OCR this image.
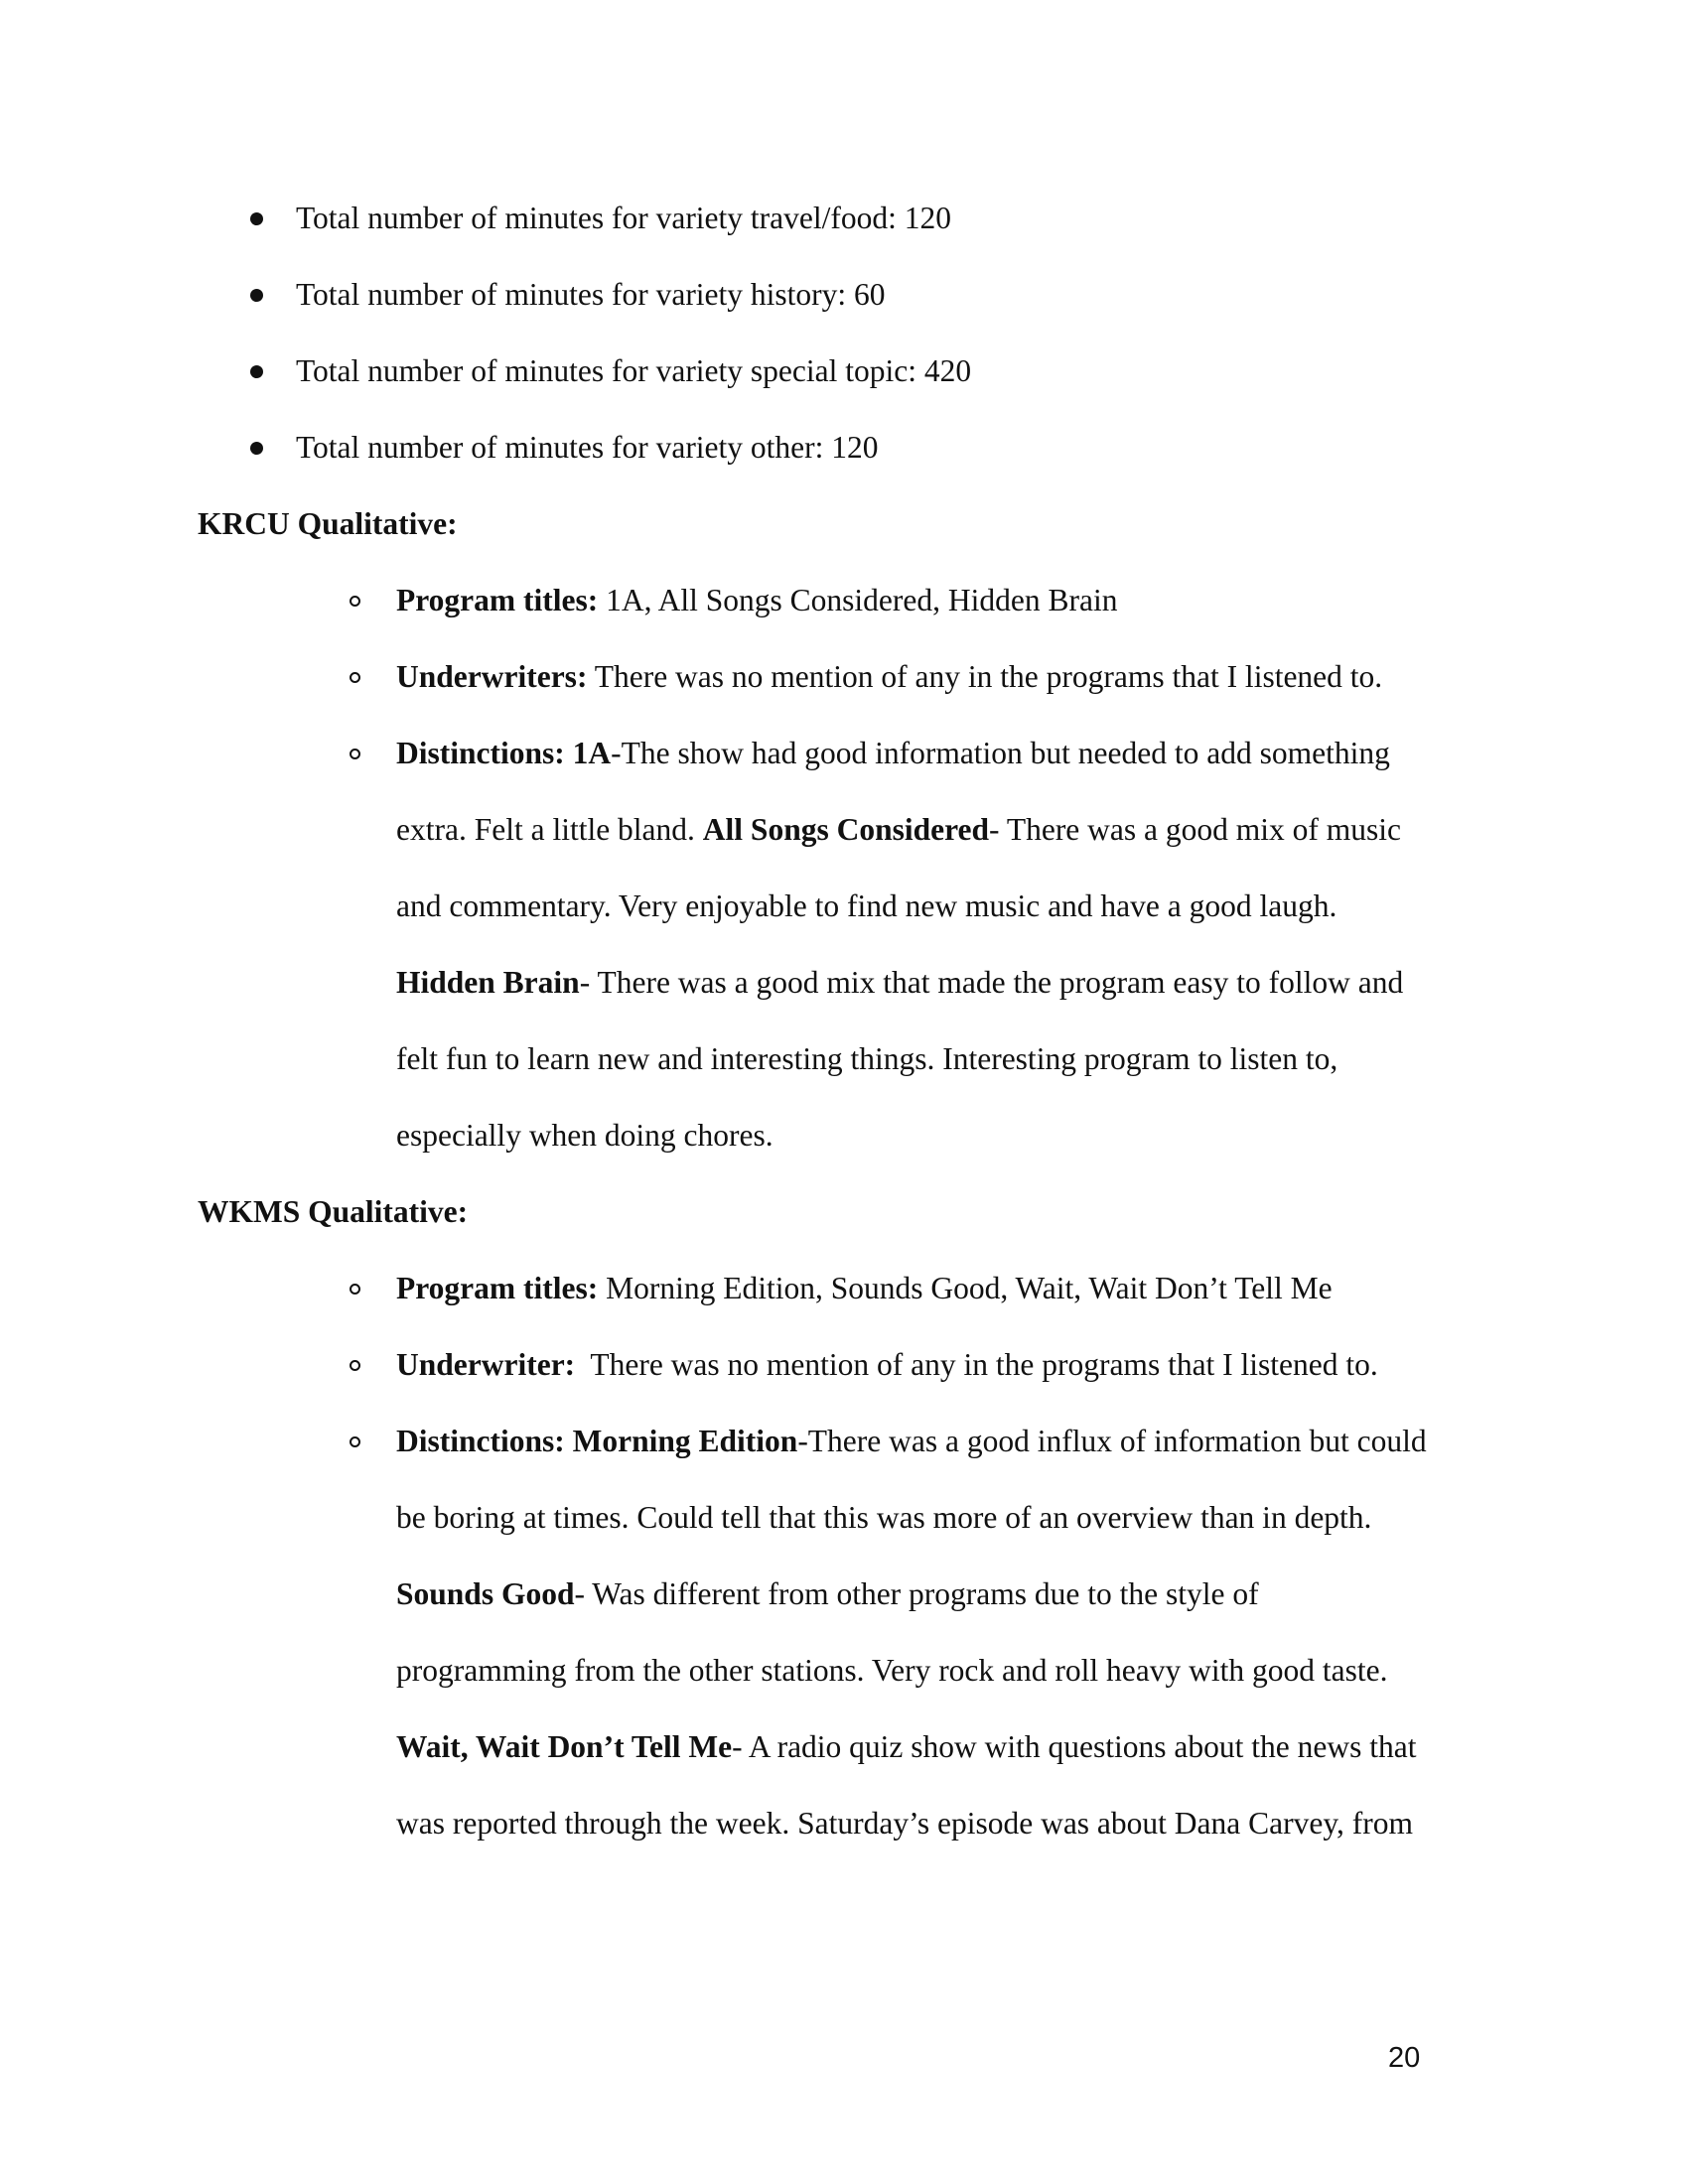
Total number of minutes for variety travel/food: 120
Total number of minutes for variety history: 60
Total number of minutes for variety special topic: 420
Total number of minutes for variety other: 120
KRCU Qualitative:
Program titles: 1A, All Songs Considered, Hidden Brain
Underwriters: There was no mention of any in the programs that I listened to.
Distinctions: 1A-The show had good information but needed to add something
extra. Felt a little bland. All Songs Considered- There was a good mix of music
and commentary. Very enjoyable to find new music and have a good laugh.
Hidden Brain- There was a good mix that made the program easy to follow and
felt fun to learn new and interesting things. Interesting program to listen to,
especially when doing chores.
WKMS Qualitative:
Program titles: Morning Edition, Sounds Good, Wait, Wait Don’t Tell Me
Underwriter:  There was no mention of any in the programs that I listened to.
Distinctions: Morning Edition-There was a good influx of information but could
be boring at times. Could tell that this was more of an overview than in depth.
Sounds Good- Was different from other programs due to the style of
programming from the other stations. Very rock and roll heavy with good taste.
Wait, Wait Don’t Tell Me- A radio quiz show with questions about the news that
was reported through the week. Saturday’s episode was about Dana Carvey, from
20
